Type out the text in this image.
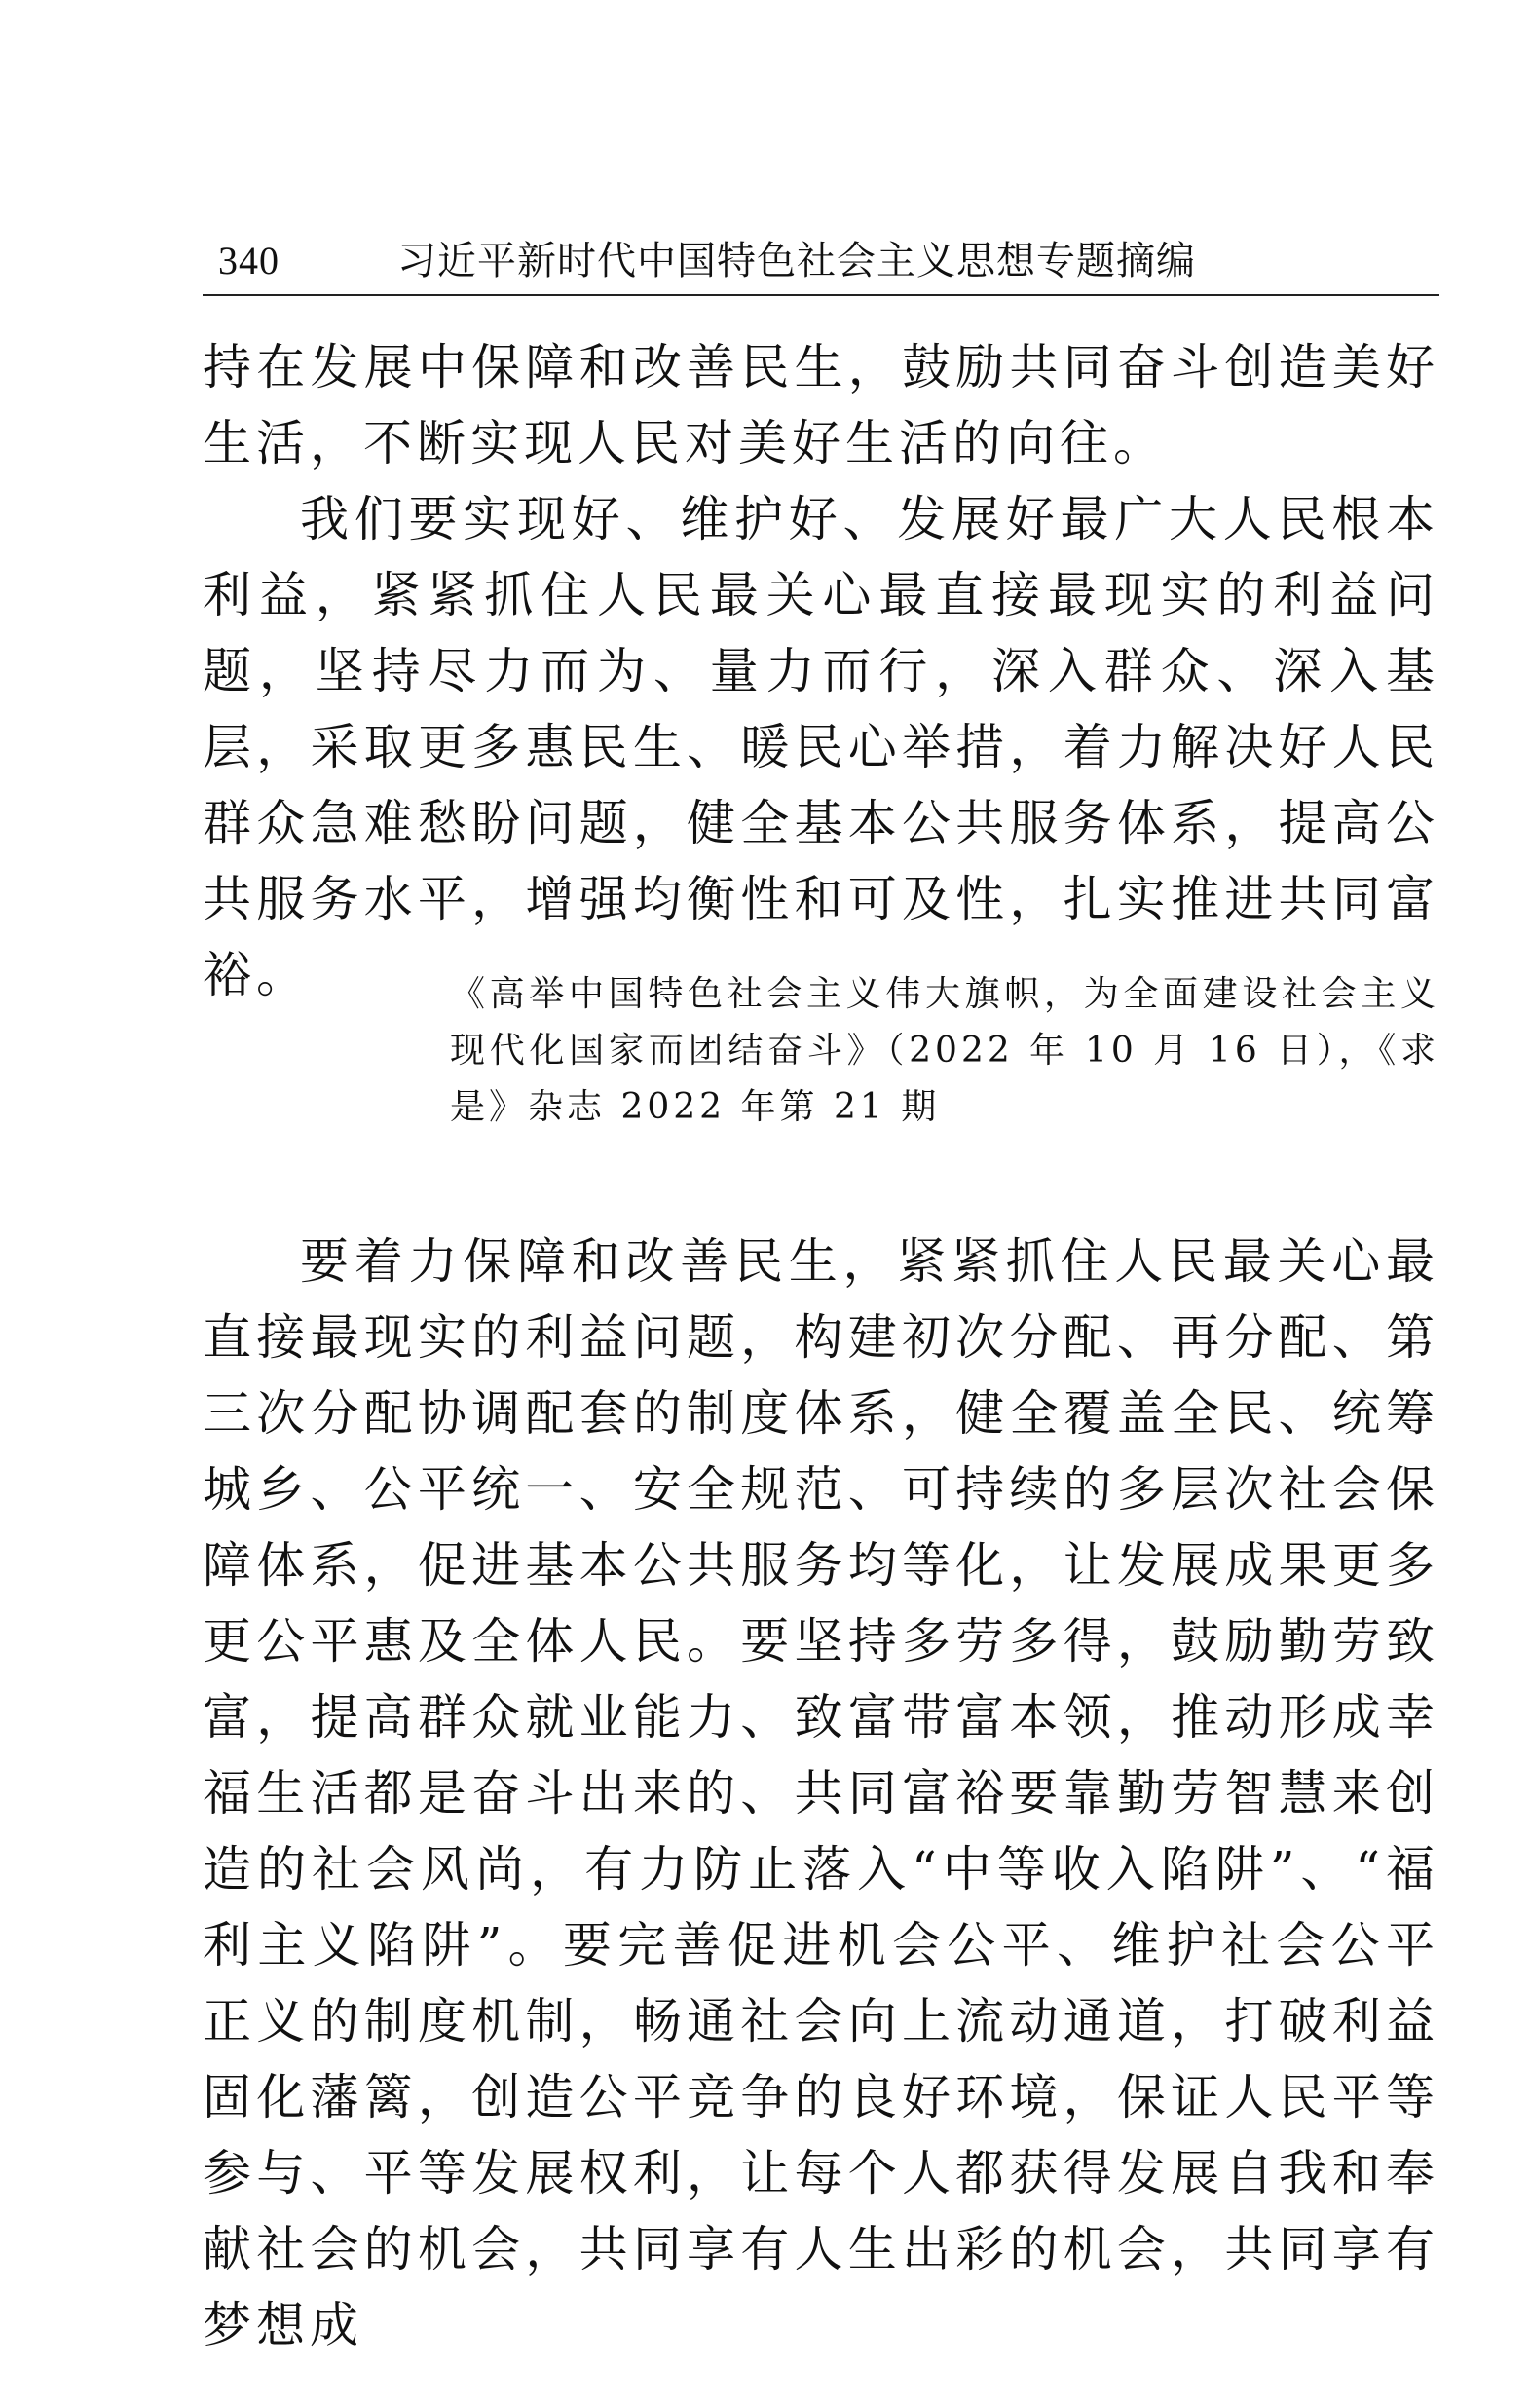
340	习近平新时代中国特色社会主义思想专题摘编

持在发展中保障和改善民生，鼓励共同奋斗创造美好生活，不断实现人民对美好生活的向往。

我们要实现好、维护好、发展好最广大人民根本利益，紧紧抓住人民最关心最直接最现实的利益问题，坚持尽力而为、量力而行，深入群众、深入基层，采取更多惠民生、暖民心举措，着力解决好人民群众急难愁盼问题，健全基本公共服务体系，提高公共服务水平，增强均衡性和可及性，扎实推进共同富裕。	《高举中国特色社会主义伟大旗帜，为全面建设社会主义现代化国家而团结奋斗》（2022 年 10 月 16 日），《求是》杂志 2022 年第 21 期

要着力保障和改善民生，紧紧抓住人民最关心最直接最现实的利益问题，构建初次分配、再分配、第三次分配协调配套的制度体系，健全覆盖全民、统筹城乡、公平统一、安全规范、可持续的多层次社会保障体系，促进基本公共服务均等化，让发展成果更多更公平惠及全体人民。要坚持多劳多得，鼓励勤劳致富，提高群众就业能力、致富带富本领，推动形成幸福生活都是奋斗出来的、共同富裕要靠勤劳智慧来创造的社会风尚，有力防止落入“中等收入陷阱”、“福利主义陷阱”。要完善促进机会公平、维护社会公平正义的制度机制，畅通社会向上流动通道，打破利益固化藩篱，创造公平竞争的良好环境，保证人民平等参与、平等发展权利，让每个人都获得发展自我和奉献社会的机会，共同享有人生出彩的机会，共同享有梦想成
